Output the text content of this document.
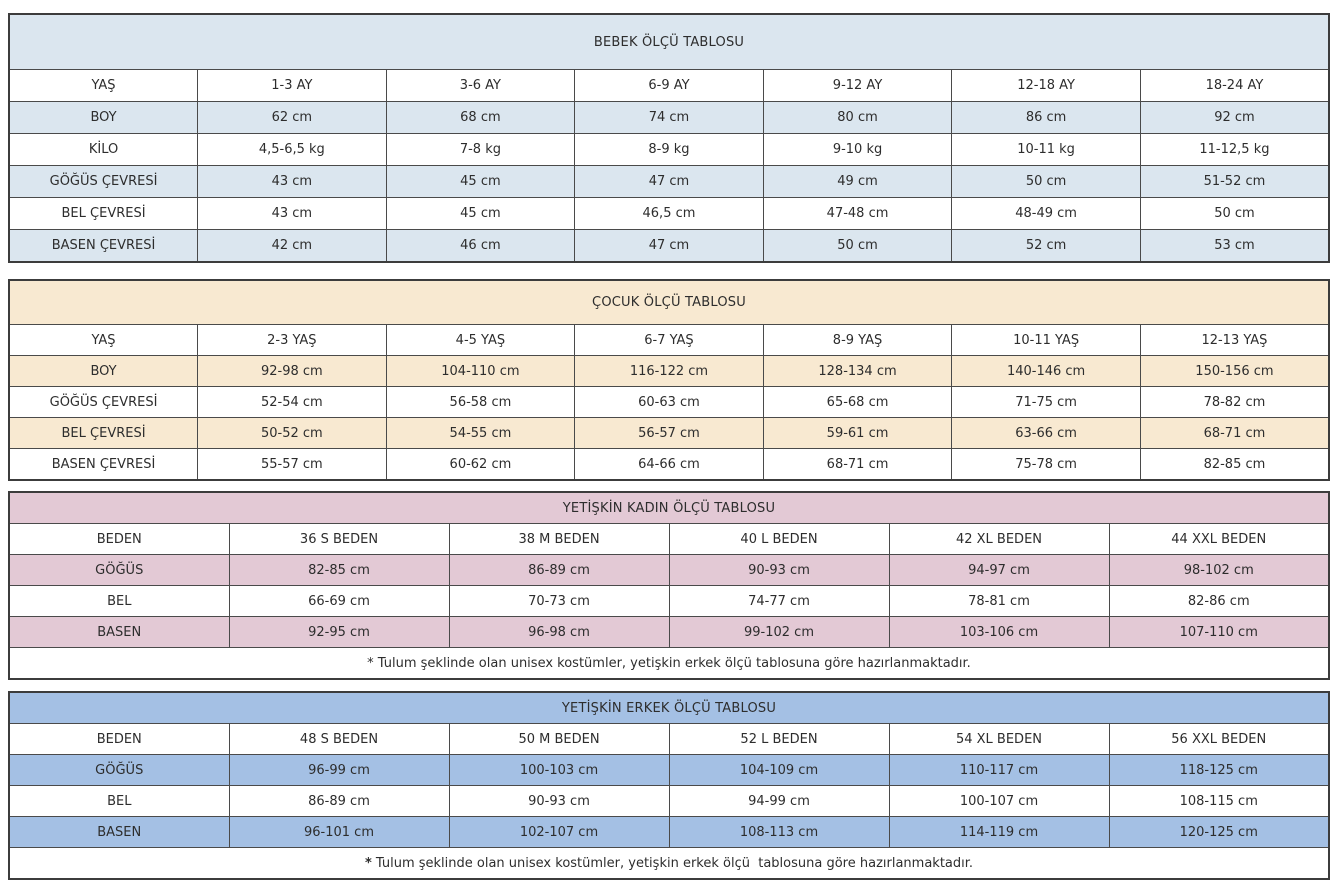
BEBEK ÖLÇÜ TABLOSU						
YAŞ	1-3 AY	3-6 AY	6-9 AY	9-12 AY	12-18 AY	18-24 AY
BOY	62 cm	68 cm	74 cm	80 cm	86 cm	92 cm
KİLO	4,5-6,5 kg	7-8 kg	8-9 kg	9-10 kg	10-11 kg	11-12,5 kg
GÖĞÜS ÇEVRESİ	43 cm	45 cm	47 cm	49 cm	50 cm	51-52 cm
BEL ÇEVRESİ	43 cm	45 cm	46,5 cm	47-48 cm	48-49 cm	50 cm
BASEN ÇEVRESİ	42 cm	46 cm	47 cm	50 cm	52 cm	53 cm
ÇOCUK ÖLÇÜ TABLOSU						
YAŞ	2-3 YAŞ	4-5 YAŞ	6-7 YAŞ	8-9 YAŞ	10-11 YAŞ	12-13 YAŞ
BOY	92-98 cm	104-110 cm	116-122 cm	128-134 cm	140-146 cm	150-156 cm
GÖĞÜS ÇEVRESİ	52-54 cm	56-58 cm	60-63 cm	65-68 cm	71-75 cm	78-82 cm
BEL ÇEVRESİ	50-52 cm	54-55 cm	56-57 cm	59-61 cm	63-66 cm	68-71 cm
BASEN ÇEVRESİ	55-57 cm	60-62 cm	64-66 cm	68-71 cm	75-78 cm	82-85 cm
YETİŞKİN KADIN ÖLÇÜ TABLOSU					
BEDEN	36 S BEDEN	38 M BEDEN	40 L BEDEN	42 XL BEDEN	44 XXL BEDEN
GÖĞÜS	82-85 cm	86-89 cm	90-93 cm	94-97 cm	98-102 cm
BEL	66-69 cm	70-73 cm	74-77 cm	78-81 cm	82-86 cm
BASEN	92-95 cm	96-98 cm	99-102 cm	103-106 cm	107-110 cm
* Tulum şeklinde olan unisex kostümler, yetişkin erkek ölçü tablosuna göre hazırlanmaktadır.					
YETİŞKİN ERKEK ÖLÇÜ TABLOSU					
BEDEN	48 S BEDEN	50 M BEDEN	52 L BEDEN	54 XL BEDEN	56 XXL BEDEN
GÖĞÜS	96-99 cm	100-103 cm	104-109 cm	110-117 cm	118-125 cm
BEL	86-89 cm	90-93 cm	94-99 cm	100-107 cm	108-115 cm
BASEN	96-101 cm	102-107 cm	108-113 cm	114-119 cm	120-125 cm
* Tulum şeklinde olan unisex kostümler, yetişkin erkek ölçü  tablosuna göre hazırlanmaktadır.					
